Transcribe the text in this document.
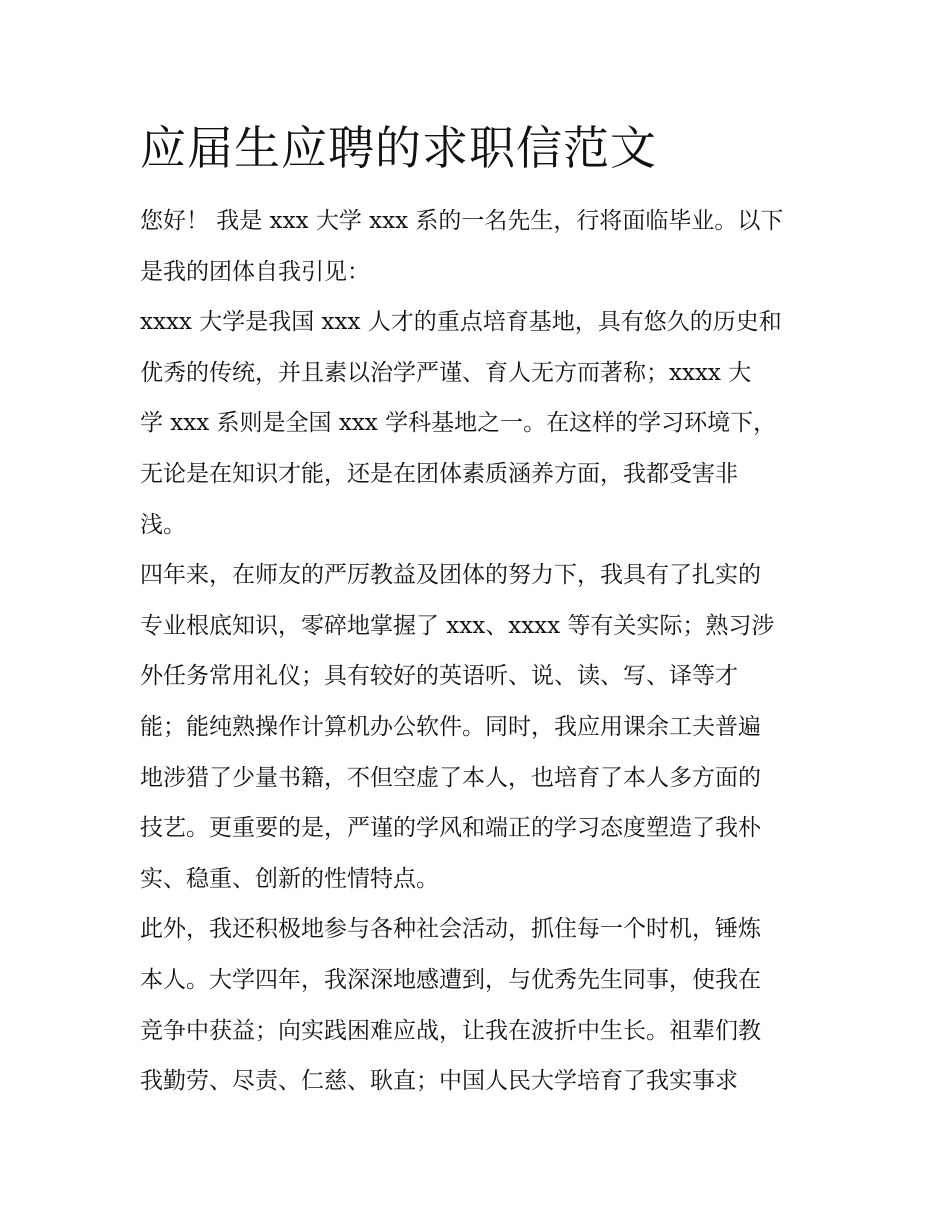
应届生应聘的求职信范文

您好！ 我是 xxx 大学 xxx 系的一名先生，行将面临毕业。以下

是我的团体自我引见：

xxxx 大学是我国 xxx 人才的重点培育基地，具有悠久的历史和

优秀的传统，并且素以治学严谨、育人无方而著称；xxxx 大

学 xxx 系则是全国 xxx 学科基地之一。在这样的学习环境下，

无论是在知识才能，还是在团体素质涵养方面，我都受害非

浅。

四年来，在师友的严厉教益及团体的努力下，我具有了扎实的

专业根底知识，零碎地掌握了 xxx、xxxx 等有关实际；熟习涉

外任务常用礼仪；具有较好的英语听、说、读、写、译等才

能；能纯熟操作计算机办公软件。同时，我应用课余工夫普遍

地涉猎了少量书籍，不但空虚了本人，也培育了本人多方面的

技艺。更重要的是，严谨的学风和端正的学习态度塑造了我朴

实、稳重、创新的性情特点。

此外，我还积极地参与各种社会活动，抓住每一个时机，锤炼

本人。大学四年，我深深地感遭到，与优秀先生同事，使我在

竞争中获益；向实践困难应战，让我在波折中生长。祖辈们教

我勤劳、尽责、仁慈、耿直；中国人民大学培育了我实事求
